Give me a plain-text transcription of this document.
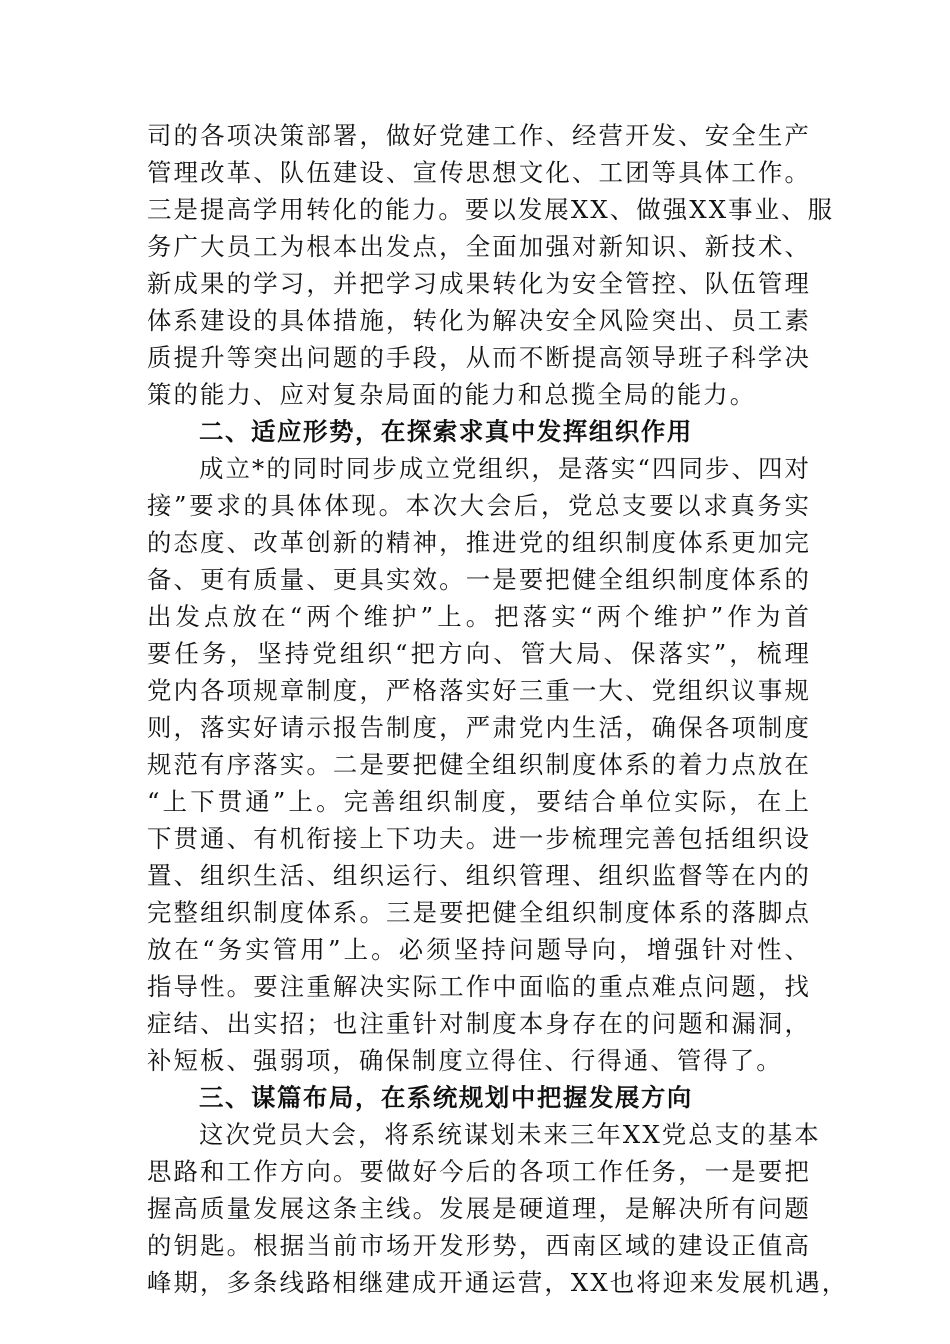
司的各项决策部署，做好党建工作、经营开发、安全生产
管理改革、队伍建设、宣传思想文化、工团等具体工作。
三是提高学用转化的能力。要以发展XX、做强XX事业、服
务广大员工为根本出发点，全面加强对新知识、新技术、
新成果的学习，并把学习成果转化为安全管控、队伍管理
体系建设的具体措施，转化为解决安全风险突出、员工素
质提升等突出问题的手段，从而不断提高领导班子科学决
策的能力、应对复杂局面的能力和总揽全局的能力。
二、适应形势，在探索求真中发挥组织作用
成立*的同时同步成立党组织，是落实“四同步、四对
接”要求的具体体现。本次大会后，党总支要以求真务实
的态度、改革创新的精神，推进党的组织制度体系更加完
备、更有质量、更具实效。一是要把健全组织制度体系的
出发点放在“两个维护”上。把落实“两个维护”作为首
要任务，坚持党组织“把方向、管大局、保落实”，梳理
党内各项规章制度，严格落实好三重一大、党组织议事规
则，落实好请示报告制度，严肃党内生活，确保各项制度
规范有序落实。二是要把健全组织制度体系的着力点放在
“上下贯通”上。完善组织制度，要结合单位实际，在上
下贯通、有机衔接上下功夫。进一步梳理完善包括组织设
置、组织生活、组织运行、组织管理、组织监督等在内的
完整组织制度体系。三是要把健全组织制度体系的落脚点
放在“务实管用”上。必须坚持问题导向，增强针对性、
指导性。要注重解决实际工作中面临的重点难点问题，找
症结、出实招；也注重针对制度本身存在的问题和漏洞，
补短板、强弱项，确保制度立得住、行得通、管得了。
三、谋篇布局，在系统规划中把握发展方向
这次党员大会，将系统谋划未来三年XX党总支的基本
思路和工作方向。要做好今后的各项工作任务，一是要把
握高质量发展这条主线。发展是硬道理，是解决所有问题
的钥匙。根据当前市场开发形势，西南区域的建设正值高
峰期，多条线路相继建成开通运营，XX也将迎来发展机遇，
